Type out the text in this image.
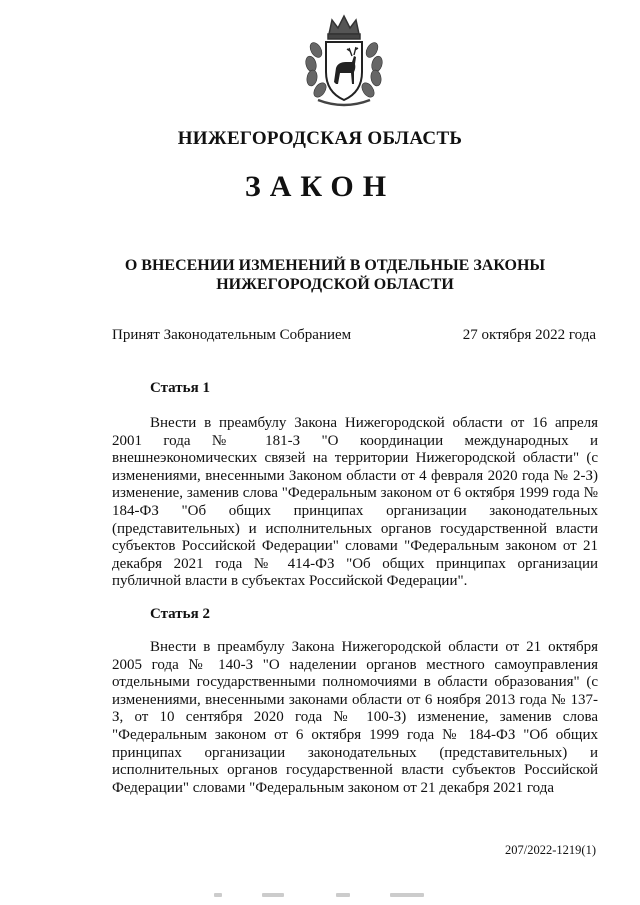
НИЖЕГОРОДСКАЯ ОБЛАСТЬ
ЗАКОН
О ВНЕСЕНИИ ИЗМЕНЕНИЙ В ОТДЕЛЬНЫЕ ЗАКОНЫ НИЖЕГОРОДСКОЙ ОБЛАСТИ
Принят Законодательным Собранием	27 октября 2022 года
Статья 1

Внести в преамбулу Закона Нижегородской области от 16 апреля 2001 года № 181-З "О координации международных и внешнеэкономических связей на территории Нижегородской области" (с изменениями, внесенными Законом области от 4 февраля 2020 года № 2-З) изменение, заменив слова "Федеральным законом от 6 октября 1999 года № 184-ФЗ "Об общих принципах организации законодательных (представительных) и исполнительных органов государственной власти субъектов Российской Федерации" словами "Федеральным законом от 21 декабря 2021 года № 414-ФЗ "Об общих принципах организации публичной власти в субъектах Российской Федерации".

Статья 2

Внести в преамбулу Закона Нижегородской области от 21 октября 2005 года № 140-З "О наделении органов местного самоуправления отдельными государственными полномочиями в области образования" (с изменениями, внесенными законами области от 6 ноября 2013 года № 137-З, от 10 сентября 2020 года № 100-З) изменение, заменив слова "Федеральным законом от 6 октября 1999 года № 184-ФЗ "Об общих принципах организации законодательных (представительных) и исполнительных органов государственной власти субъектов Российской Федерации" словами "Федеральным законом от 21 декабря 2021 года

207/2022-1219(1)
